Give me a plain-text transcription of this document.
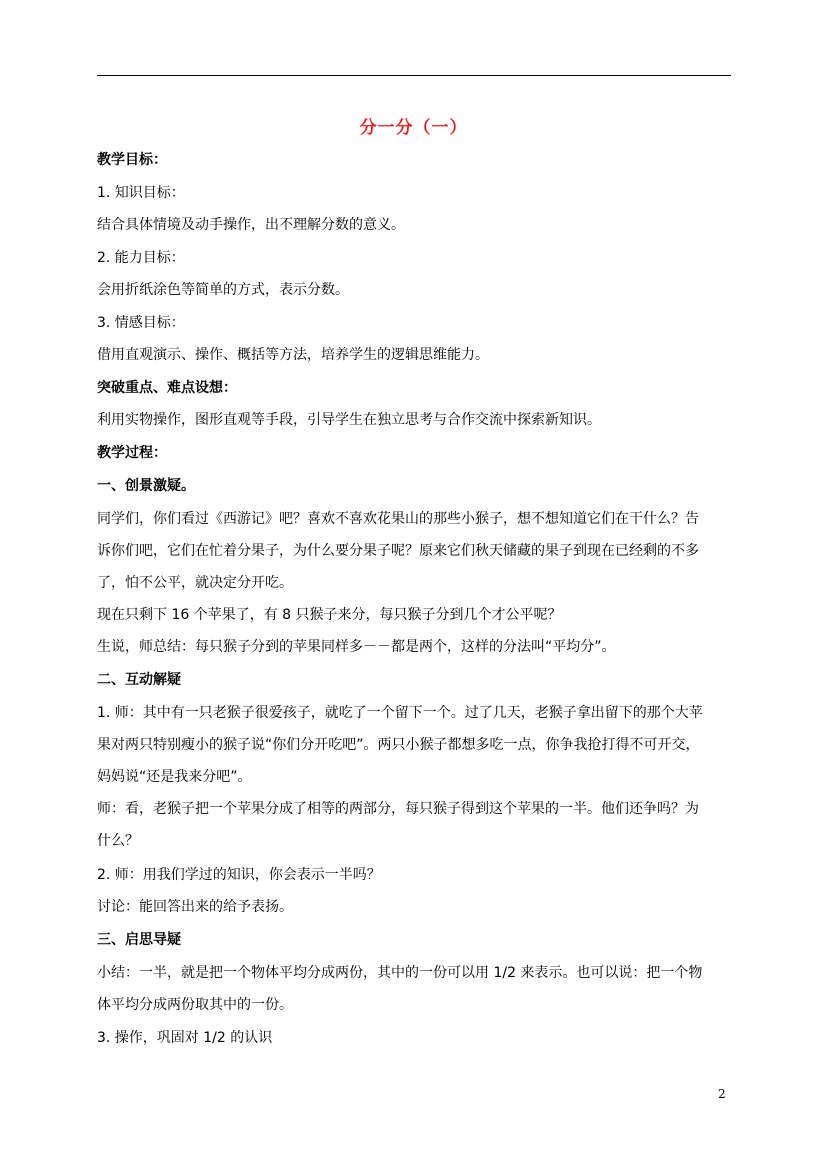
分一分（一）
教学目标：
1. 知识目标：
结合具体情境及动手操作，出不理解分数的意义。
2. 能力目标：
会用折纸涂色等简单的方式，表示分数。
3. 情感目标：
借用直观演示、操作、概括等方法，培养学生的逻辑思维能力。
突破重点、难点设想：
利用实物操作，图形直观等手段，引导学生在独立思考与合作交流中探索新知识。
教学过程：
一、创景激疑。
同学们，你们看过《西游记》吧？喜欢不喜欢花果山的那些小猴子，想不想知道它们在干什么？告
诉你们吧，它们在忙着分果子，为什么要分果子呢？原来它们秋天储藏的果子到现在已经剩的不多
了，怕不公平，就决定分开吃。
现在只剩下 16 个苹果了，有 8 只猴子来分，每只猴子分到几个才公平呢？
生说，师总结：每只猴子分到的苹果同样多－－都是两个，这样的分法叫“平均分”。
二、互动解疑
1. 师：其中有一只老猴子很爱孩子，就吃了一个留下一个。过了几天，老猴子拿出留下的那个大苹
果对两只特别瘦小的猴子说“你们分开吃吧”。两只小猴子都想多吃一点，你争我抢打得不可开交，
妈妈说“还是我来分吧”。
师：看，老猴子把一个苹果分成了相等的两部分，每只猴子得到这个苹果的一半。他们还争吗？为
什么？
2. 师：用我们学过的知识，你会表示一半吗？
讨论：能回答出来的给予表扬。
三、启思导疑
小结：一半，就是把一个物体平均分成两份，其中的一份可以用 1/2 来表示。也可以说：把一个物
体平均分成两份取其中的一份。
3. 操作，巩固对 1/2 的认识
2
